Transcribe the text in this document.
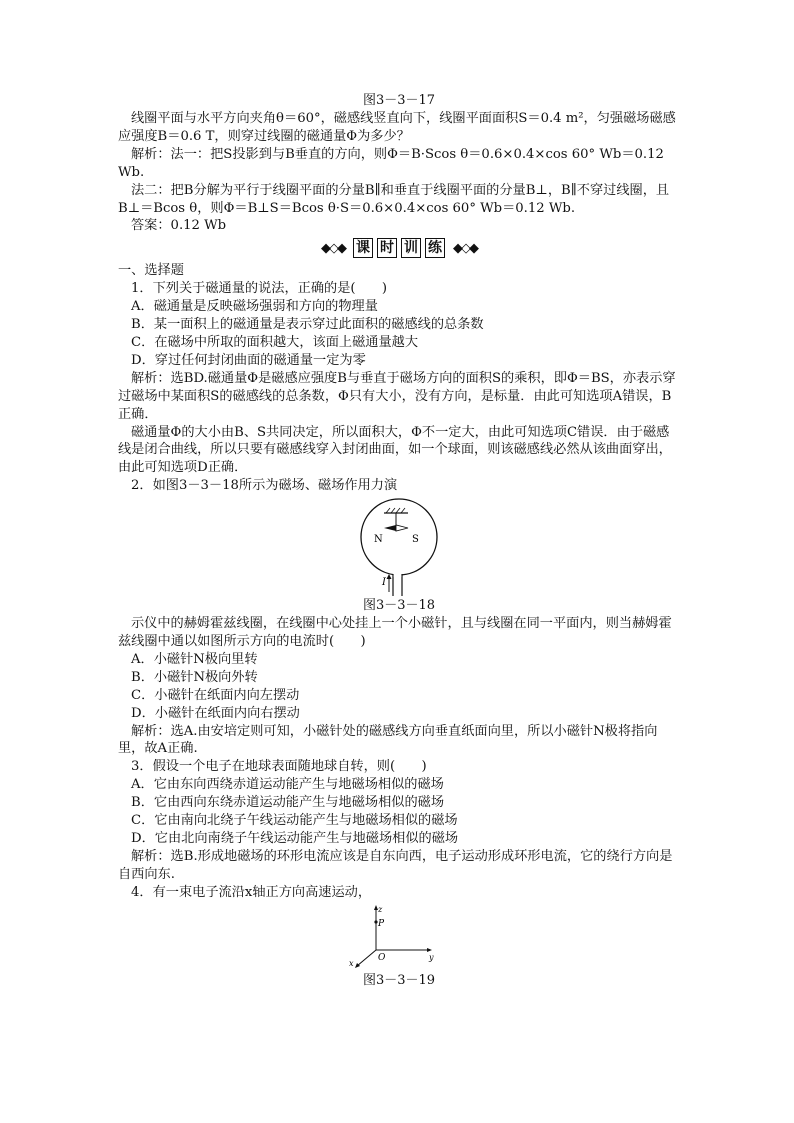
图3－3－17

线圈平面与水平方向夹角θ＝60°，磁感线竖直向下，线圈平面面积S＝0.4 m²，匀强磁场磁感应强度B＝0.6 T，则穿过线圈的磁通量Φ为多少？

解析：法一：把S投影到与B垂直的方向，则Φ＝B·Scos θ＝0.6×0.4×cos 60° Wb＝0.12 Wb.

法二：把B分解为平行于线圈平面的分量B∥和垂直于线圈平面的分量B⊥，B∥不穿过线圈，且B⊥＝Bcos θ，则Φ＝B⊥S＝Bcos θ·S＝0.6×0.4×cos 60° Wb＝0.12 Wb.

答案：0.12 Wb

◆◇◆ 课 时 训 练 ◆◇◆

一、选择题

1．下列关于磁通量的说法，正确的是(　　)

A．磁通量是反映磁场强弱和方向的物理量

B．某一面积上的磁通量是表示穿过此面积的磁感线的总条数

C．在磁场中所取的面积越大，该面上磁通量越大

D．穿过任何封闭曲面的磁通量一定为零

解析：选BD.磁通量Φ是磁感应强度B与垂直于磁场方向的面积S的乘积，即Φ＝BS，亦表示穿过磁场中某面积S的磁感线的总条数，Φ只有大小，没有方向，是标量．由此可知选项A错误，B正确．

磁通量Φ的大小由B、S共同决定，所以面积大，Φ不一定大，由此可知选项C错误．由于磁感线是闭合曲线，所以只要有磁感线穿入封闭曲面，如一个球面，则该磁感线必然从该曲面穿出，由此可知选项D正确．

2．如图3－3－18所示为磁场、磁场作用力演

N	S
I

图3－3－18

示仪中的赫姆霍兹线圈，在线圈中心处挂上一个小磁针，且与线圈在同一平面内，则当赫姆霍兹线圈中通以如图所示方向的电流时(　　)

A．小磁针N极向里转

B．小磁针N极向外转

C．小磁针在纸面内向左摆动

D．小磁针在纸面内向右摆动

解析：选A.由安培定则可知，小磁针处的磁感线方向垂直纸面向里，所以小磁针N极将指向里，故A正确.

3．假设一个电子在地球表面随地球自转，则(　　)

A．它由东向西绕赤道运动能产生与地磁场相似的磁场

B．它由西向东绕赤道运动能产生与地磁场相似的磁场

C．它由南向北绕子午线运动能产生与地磁场相似的磁场

D．它由北向南绕子午线运动能产生与地磁场相似的磁场

解析：选B.形成地磁场的环形电流应该是自东向西，电子运动形成环形电流，它的绕行方向是自西向东.

4．有一束电子流沿x轴正方向高速运动，

z
P
O	y
x

图3－3－19
